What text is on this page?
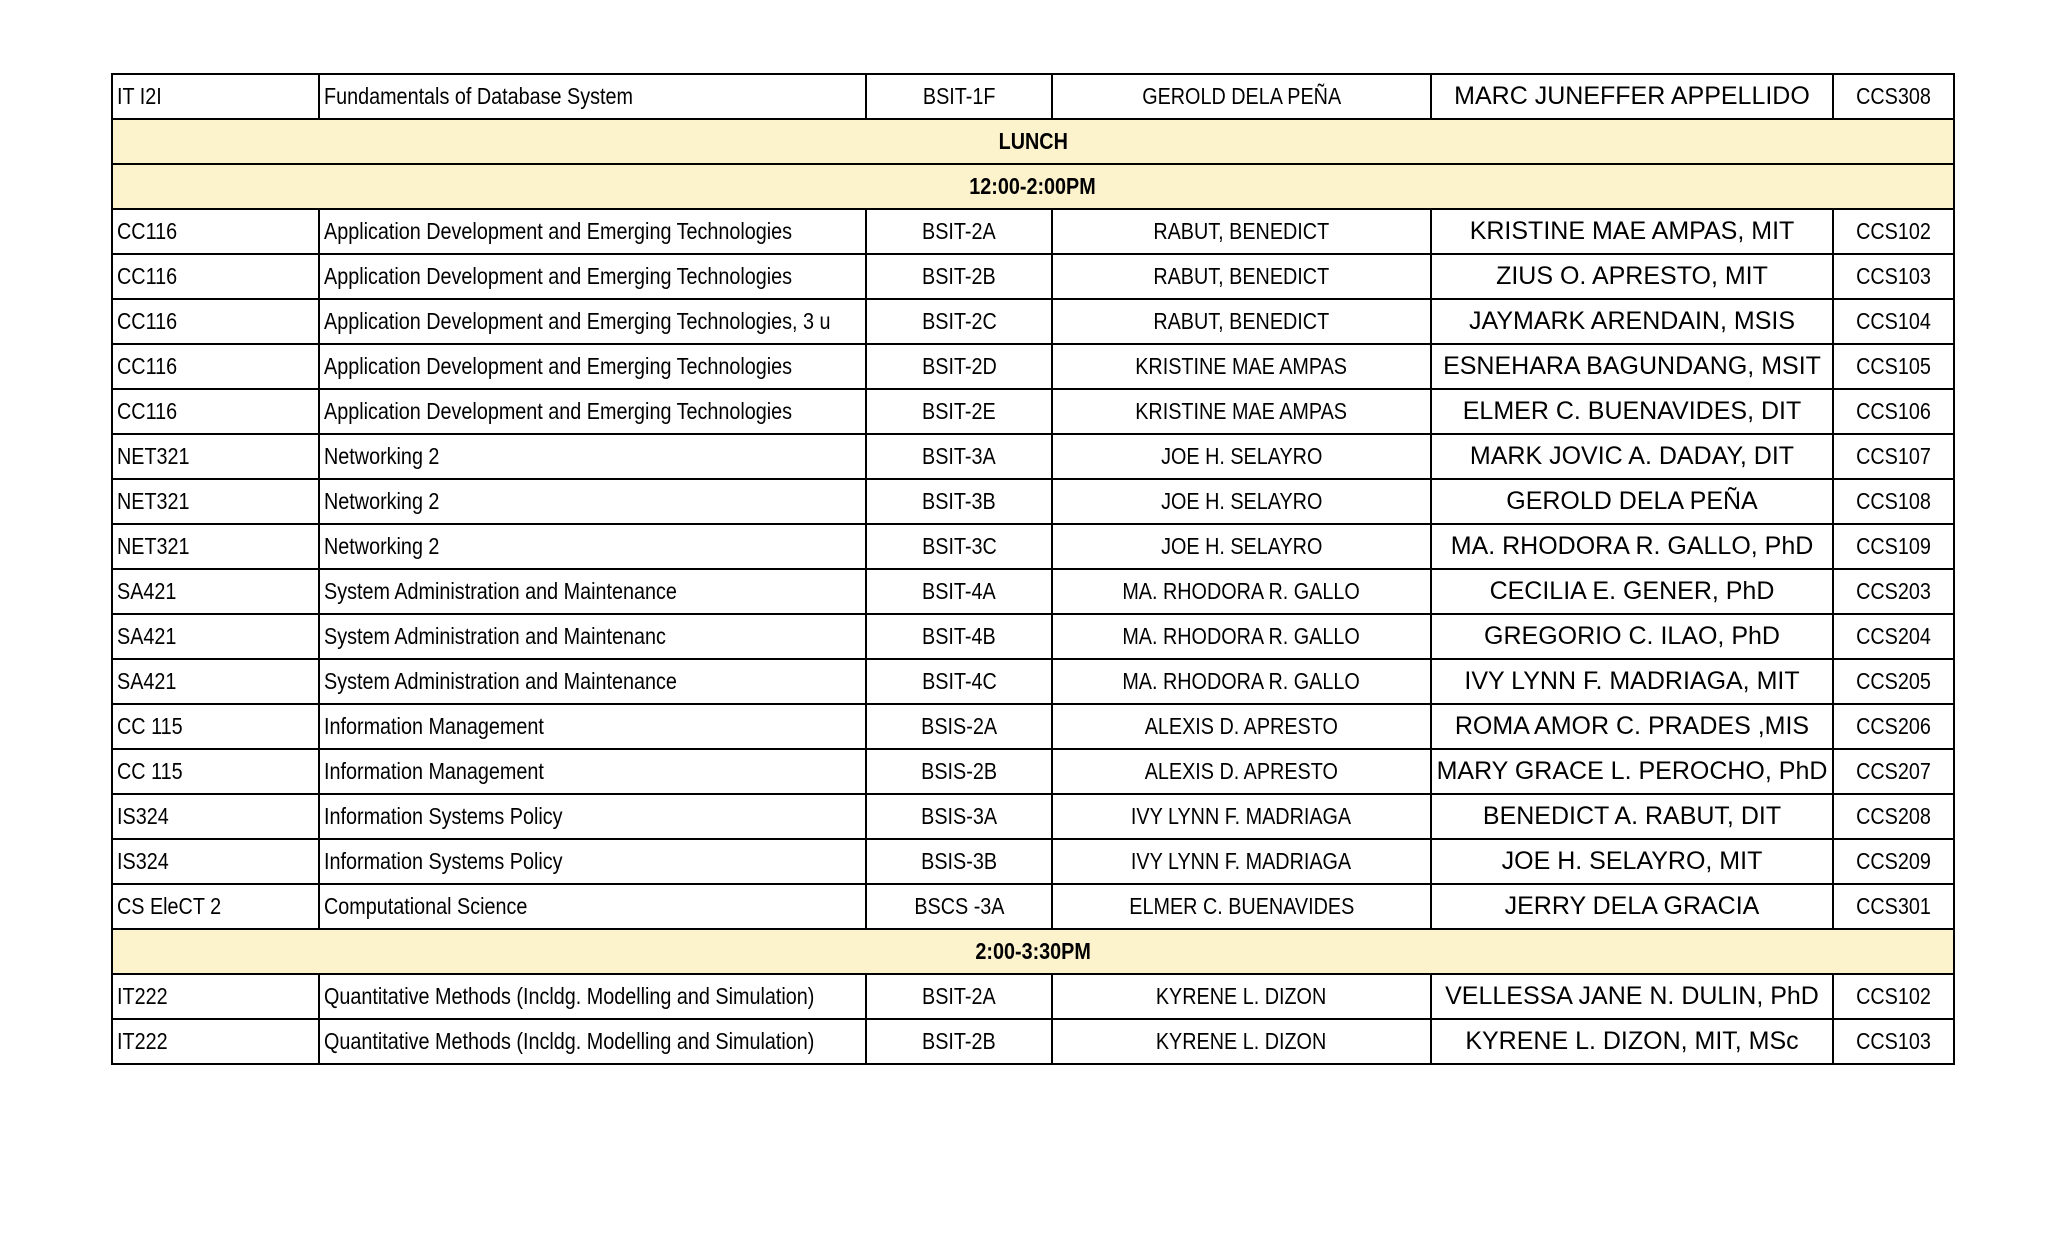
IT I2I	Fundamentals of Database System	BSIT-1F	GEROLD DELA PEÑA	MARC JUNEFFER APPELLIDO	CCS308
LUNCH					
12:00-2:00PM					
CC116	Application Development and Emerging Technologies	BSIT-2A	RABUT, BENEDICT	KRISTINE MAE AMPAS, MIT	CCS102
CC116	Application Development and Emerging Technologies	BSIT-2B	RABUT, BENEDICT	ZIUS O. APRESTO, MIT	CCS103
CC116	Application Development and Emerging Technologies, 3 u	BSIT-2C	RABUT, BENEDICT	JAYMARK ARENDAIN, MSIS	CCS104
CC116	Application Development and Emerging Technologies	BSIT-2D	KRISTINE MAE AMPAS	ESNEHARA BAGUNDANG, MSIT	CCS105
CC116	Application Development and Emerging Technologies	BSIT-2E	KRISTINE MAE AMPAS	ELMER C. BUENAVIDES, DIT	CCS106
NET321	Networking 2	BSIT-3A	JOE H. SELAYRO	MARK JOVIC A. DADAY, DIT	CCS107
NET321	Networking 2	BSIT-3B	JOE H. SELAYRO	GEROLD DELA PEÑA	CCS108
NET321	Networking 2	BSIT-3C	JOE H. SELAYRO	MA. RHODORA R. GALLO, PhD	CCS109
SA421	System Administration and Maintenance	BSIT-4A	MA. RHODORA R. GALLO	CECILIA E. GENER, PhD	CCS203
SA421	System Administration and Maintenanc	BSIT-4B	MA. RHODORA R. GALLO	GREGORIO C. ILAO, PhD	CCS204
SA421	System Administration and Maintenance	BSIT-4C	MA. RHODORA R. GALLO	IVY LYNN F. MADRIAGA, MIT	CCS205
CC 115	Information Management	BSIS-2A	ALEXIS D. APRESTO	ROMA AMOR C. PRADES ,MIS	CCS206
CC 115	Information Management	BSIS-2B	ALEXIS D. APRESTO	MARY GRACE L. PEROCHO, PhD	CCS207
IS324	Information Systems Policy	BSIS-3A	IVY LYNN F. MADRIAGA	BENEDICT A. RABUT, DIT	CCS208
IS324	Information Systems Policy	BSIS-3B	IVY LYNN F. MADRIAGA	JOE H. SELAYRO, MIT	CCS209
CS EleCT 2	Computational Science	BSCS -3A	ELMER C. BUENAVIDES	JERRY DELA GRACIA	CCS301
2:00-3:30PM					
IT222	Quantitative Methods (Incldg. Modelling and Simulation)	BSIT-2A	KYRENE L. DIZON	VELLESSA JANE N. DULIN, PhD	CCS102
IT222	Quantitative Methods (Incldg. Modelling and Simulation)	BSIT-2B	KYRENE L. DIZON	KYRENE L. DIZON, MIT, MSc	CCS103
